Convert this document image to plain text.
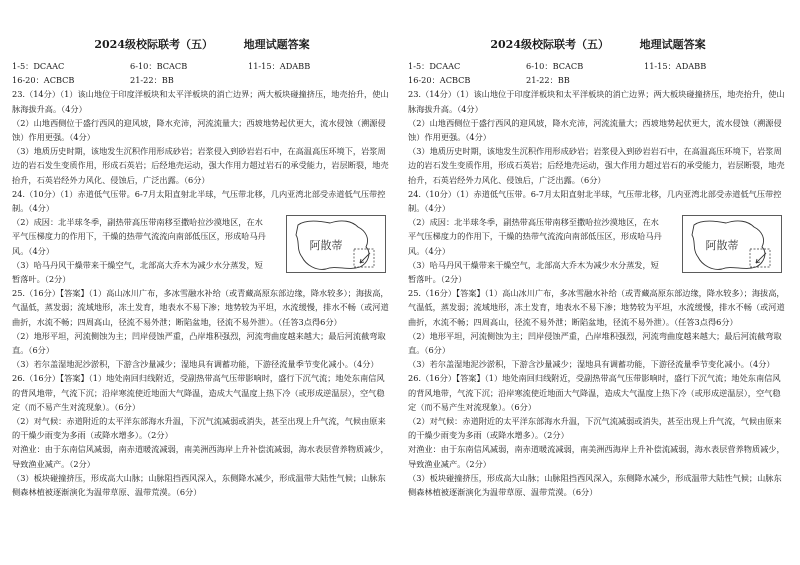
2024级校际联考（五）        地理试题答案
1-5：DCAAC	6-10：BCACB	11-15：ADABB
16-20：ACBCB	21-22：BB

23.（14分）（1）该山地位于印度洋板块和太平洋板块的消亡边界；两大板块碰撞挤压，地壳抬升，使山脉海拔升高。（4分）

（2）山地西侧位于盛行西风的迎风坡，降水充沛，河流流量大；西坡地势起伏更大，流水侵蚀（溯源侵蚀）作用更强。（4分）

（3）地质历史时期，该地发生沉积作用形成砂岩；岩浆侵入到砂岩岩石中，在高温高压环境下，岩浆周边的岩石发生变质作用，形成石英岩；后经地壳运动，强大作用力超过岩石的承受能力，岩层断裂，地壳抬升，石英岩经外力风化、侵蚀后，广泛出露。（6分）

24.（10分）（1）赤道低气压带。6-7月太阳直射北半球，气压带北移，几内亚湾北部受赤道低气压带控制。（4分）

（2）成因：北半球冬季，副热带高压带南移至撒哈拉沙漠地区，在水平气压梯度力的作用下，干燥的热带气流流向南部低压区，形成哈马丹风。（4分）

（3）哈马丹风干燥带来干燥空气，北部高大乔木为减少水分蒸发，短暂落叶。（2分）

阿散蒂

25.（16分）【答案】（1）高山冰川广布，多冰雪融水补给（或青藏高原东部边缘，降水较多）；海拔高，气温低，蒸发弱；流域地形，冻土发育，地表水不易下渗；地势较为平坦，水流缓慢，排水不畅（或河道曲折，水流不畅；四周高山，径流不易外泄；断陷盆地，径流不易外泄）。（任答3点得6分）

（2）地形平坦，河流侧蚀为主；凹岸侵蚀严重，凸岸堆积强烈，河流弯曲度越来越大；最后河流截弯取直。（6分）

（3）若尔盖湿地泥沙淤积，下游含沙量减少；湿地具有调蓄功能，下游径流量季节变化减小。（4分）

26.（16分）【答案】（1）地处南回归线附近，受副热带高气压带影响时，盛行下沉气流；地处东南信风的背风地带，气流下沉；沿岸寒流使近地面大气降温，造成大气温度上热下冷（或形成逆温层），空气稳定（而不易产生对流现象）。（6分）

（2）对气候：赤道附近的太平洋东部海水升温，下沉气流减弱或消失，甚至出现上升气流，气候由原来的干燥少雨变为多雨（或降水增多）。（2分）

对渔业：由于东南信风减弱，南赤道暖流减弱，南美洲西海岸上升补偿流减弱，海水表层营养物质减少，导致渔业减产。（2分）

（3）板块碰撞挤压，形成高大山脉；山脉阻挡西风深入，东侧降水减少，形成温带大陆性气候；山脉东侧森林植被逐渐演化为温带草原、温带荒漠。（6分）

2024级校际联考（五）        地理试题答案
1-5：DCAAC	6-10：BCACB	11-15：ADABB
16-20：ACBCB	21-22：BB

23.（14分）（1）该山地位于印度洋板块和太平洋板块的消亡边界；两大板块碰撞挤压，地壳抬升，使山脉海拔升高。（4分）

（2）山地西侧位于盛行西风的迎风坡，降水充沛，河流流量大；西坡地势起伏更大，流水侵蚀（溯源侵蚀）作用更强。（4分）

（3）地质历史时期，该地发生沉积作用形成砂岩；岩浆侵入到砂岩岩石中，在高温高压环境下，岩浆周边的岩石发生变质作用，形成石英岩；后经地壳运动，强大作用力超过岩石的承受能力，岩层断裂，地壳抬升，石英岩经外力风化、侵蚀后，广泛出露。（6分）

24.（10分）（1）赤道低气压带。6-7月太阳直射北半球，气压带北移，几内亚湾北部受赤道低气压带控制。（4分）

（2）成因：北半球冬季，副热带高压带南移至撒哈拉沙漠地区，在水平气压梯度力的作用下，干燥的热带气流流向南部低压区，形成哈马丹风。（4分）

（3）哈马丹风干燥带来干燥空气，北部高大乔木为减少水分蒸发，短暂落叶。（2分）

阿散蒂

25.（16分）【答案】（1）高山冰川广布，多冰雪融水补给（或青藏高原东部边缘，降水较多）；海拔高，气温低，蒸发弱；流域地形，冻土发育，地表水不易下渗；地势较为平坦，水流缓慢，排水不畅（或河道曲折，水流不畅；四周高山，径流不易外泄；断陷盆地，径流不易外泄）。（任答3点得6分）

（2）地形平坦，河流侧蚀为主；凹岸侵蚀严重，凸岸堆积强烈，河流弯曲度越来越大；最后河流截弯取直。（6分）

（3）若尔盖湿地泥沙淤积，下游含沙量减少；湿地具有调蓄功能，下游径流量季节变化减小。（4分）

26.（16分）【答案】（1）地处南回归线附近，受副热带高气压带影响时，盛行下沉气流；地处东南信风的背风地带，气流下沉；沿岸寒流使近地面大气降温，造成大气温度上热下冷（或形成逆温层），空气稳定（而不易产生对流现象）。（6分）

（2）对气候：赤道附近的太平洋东部海水升温，下沉气流减弱或消失，甚至出现上升气流，气候由原来的干燥少雨变为多雨（或降水增多）。（2分）

对渔业：由于东南信风减弱，南赤道暖流减弱，南美洲西海岸上升补偿流减弱，海水表层营养物质减少，导致渔业减产。（2分）

（3）板块碰撞挤压，形成高大山脉；山脉阻挡西风深入，东侧降水减少，形成温带大陆性气候；山脉东侧森林植被逐渐演化为温带草原、温带荒漠。（6分）
